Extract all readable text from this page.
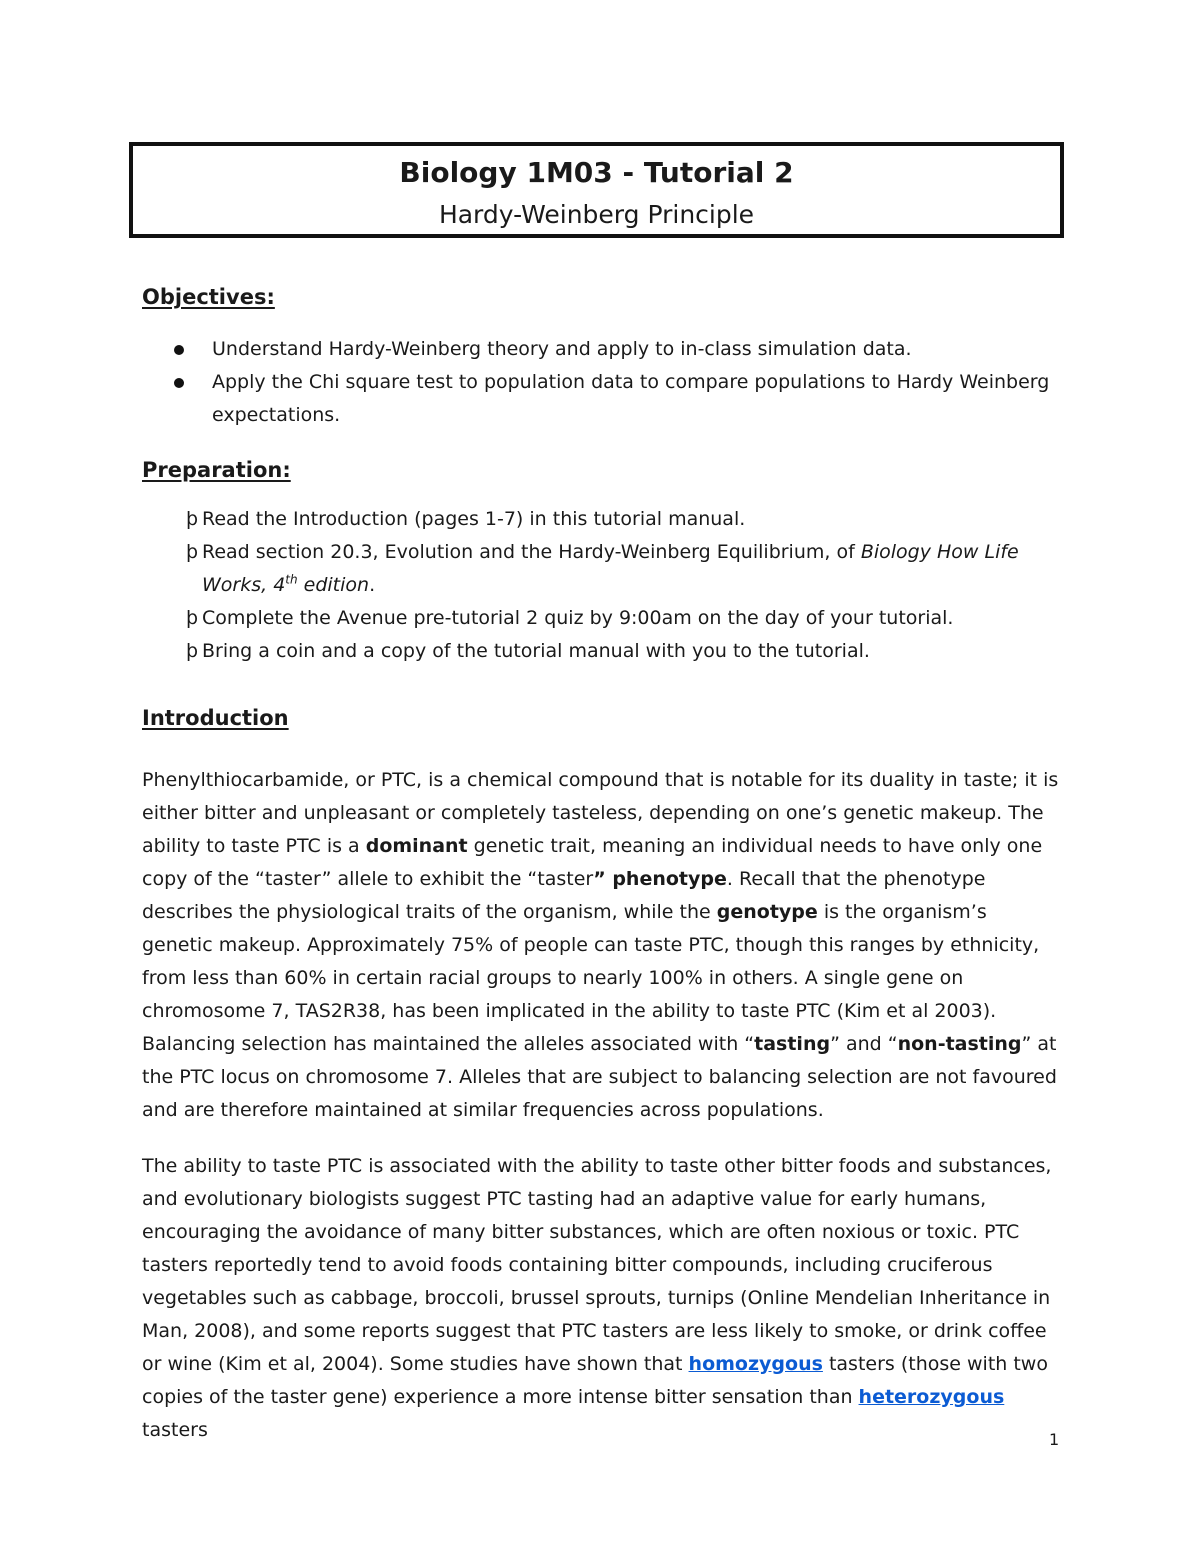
Biology 1M03 - Tutorial 2
Hardy-Weinberg Principle
Objectives:
Understand Hardy-Weinberg theory and apply to in-class simulation data.
Apply the Chi square test to population data to compare populations to Hardy Weinberg expectations.
Preparation:
þ Read the Introduction (pages 1-7) in this tutorial manual.
þ Read section 20.3, Evolution and the Hardy-Weinberg Equilibrium, of Biology How Life Works, 4th edition.
þ Complete the Avenue pre-tutorial 2 quiz by 9:00am on the day of your tutorial.
þ Bring a coin and a copy of the tutorial manual with you to the tutorial.
Introduction

Phenylthiocarbamide, or PTC, is a chemical compound that is notable for its duality in taste; it is either bitter and unpleasant or completely tasteless, depending on one’s genetic makeup. The ability to taste PTC is a dominant genetic trait, meaning an individual needs to have only one copy of the “taster” allele to exhibit the “taster” phenotype. Recall that the phenotype describes the physiological traits of the organism, while the genotype is the organism’s genetic makeup. Approximately 75% of people can taste PTC, though this ranges by ethnicity, from less than 60% in certain racial groups to nearly 100% in others. A single gene on chromosome 7, TAS2R38, has been implicated in the ability to taste PTC (Kim et al 2003). Balancing selection has maintained the alleles associated with “tasting” and “non-tasting” at the PTC locus on chromosome 7. Alleles that are subject to balancing selection are not favoured and are therefore maintained at similar frequencies across populations.

The ability to taste PTC is associated with the ability to taste other bitter foods and substances, and evolutionary biologists suggest PTC tasting had an adaptive value for early humans, encouraging the avoidance of many bitter substances, which are often noxious or toxic. PTC tasters reportedly tend to avoid foods containing bitter compounds, including cruciferous vegetables such as cabbage, broccoli, brussel sprouts, turnips (Online Mendelian Inheritance in Man, 2008), and some reports suggest that PTC tasters are less likely to smoke, or drink coffee or wine (Kim et al, 2004). Some studies have shown that homozygous tasters (those with two copies of the taster gene) experience a more intense bitter sensation than heterozygous tasters	1
